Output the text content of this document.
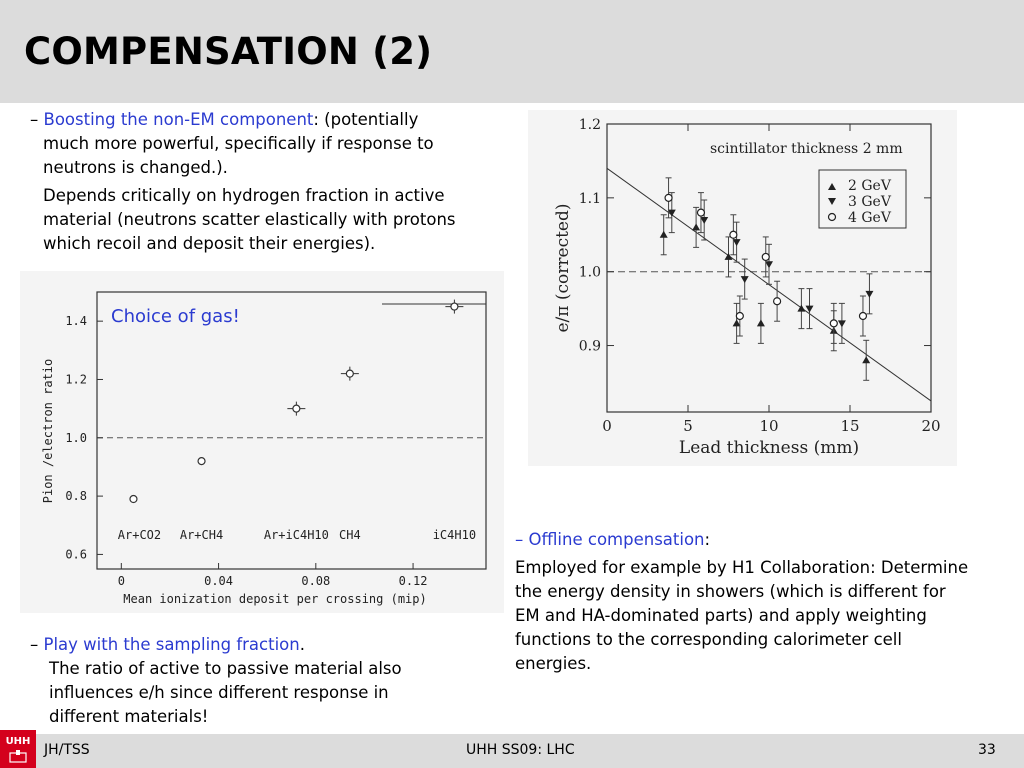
COMPENSATION (2)
– Boosting the non-EM component: (potentially
much more powerful, specifically if response to
neutrons is changed.).
Depends critically on hydrogen fraction in active
material (neutrons scatter elastically with protons
which recoil and deposit their energies).
1.4
1.2
1.0
0.8
0.6
0	0.04	0.08	0.12
Ar+CO2 Ar+CH4	Ar+iC4H10 CH4	iC4H10
Mean ionization deposit per crossing (mip)
Pion /electron ratio
Choice of gas!
1.2
1.1
1.0
0.9
0	5	10	15	20
scintillator thickness 2 mm
2 GeV
3 GeV
4 GeV
Lead thickness (mm)
e/π (corrected)
– Play with the sampling fraction.
The ratio of active to passive material also
influences e/h since different response in
different materials!
– Offline compensation:
Employed for example by H1 Collaboration: Determine
the energy density in showers (which is different for
EM and HA-dominated parts) and apply weighting
functions to the corresponding calorimeter cell
energies.
UHH
JH/TSS	UHH SS09: LHC	33
